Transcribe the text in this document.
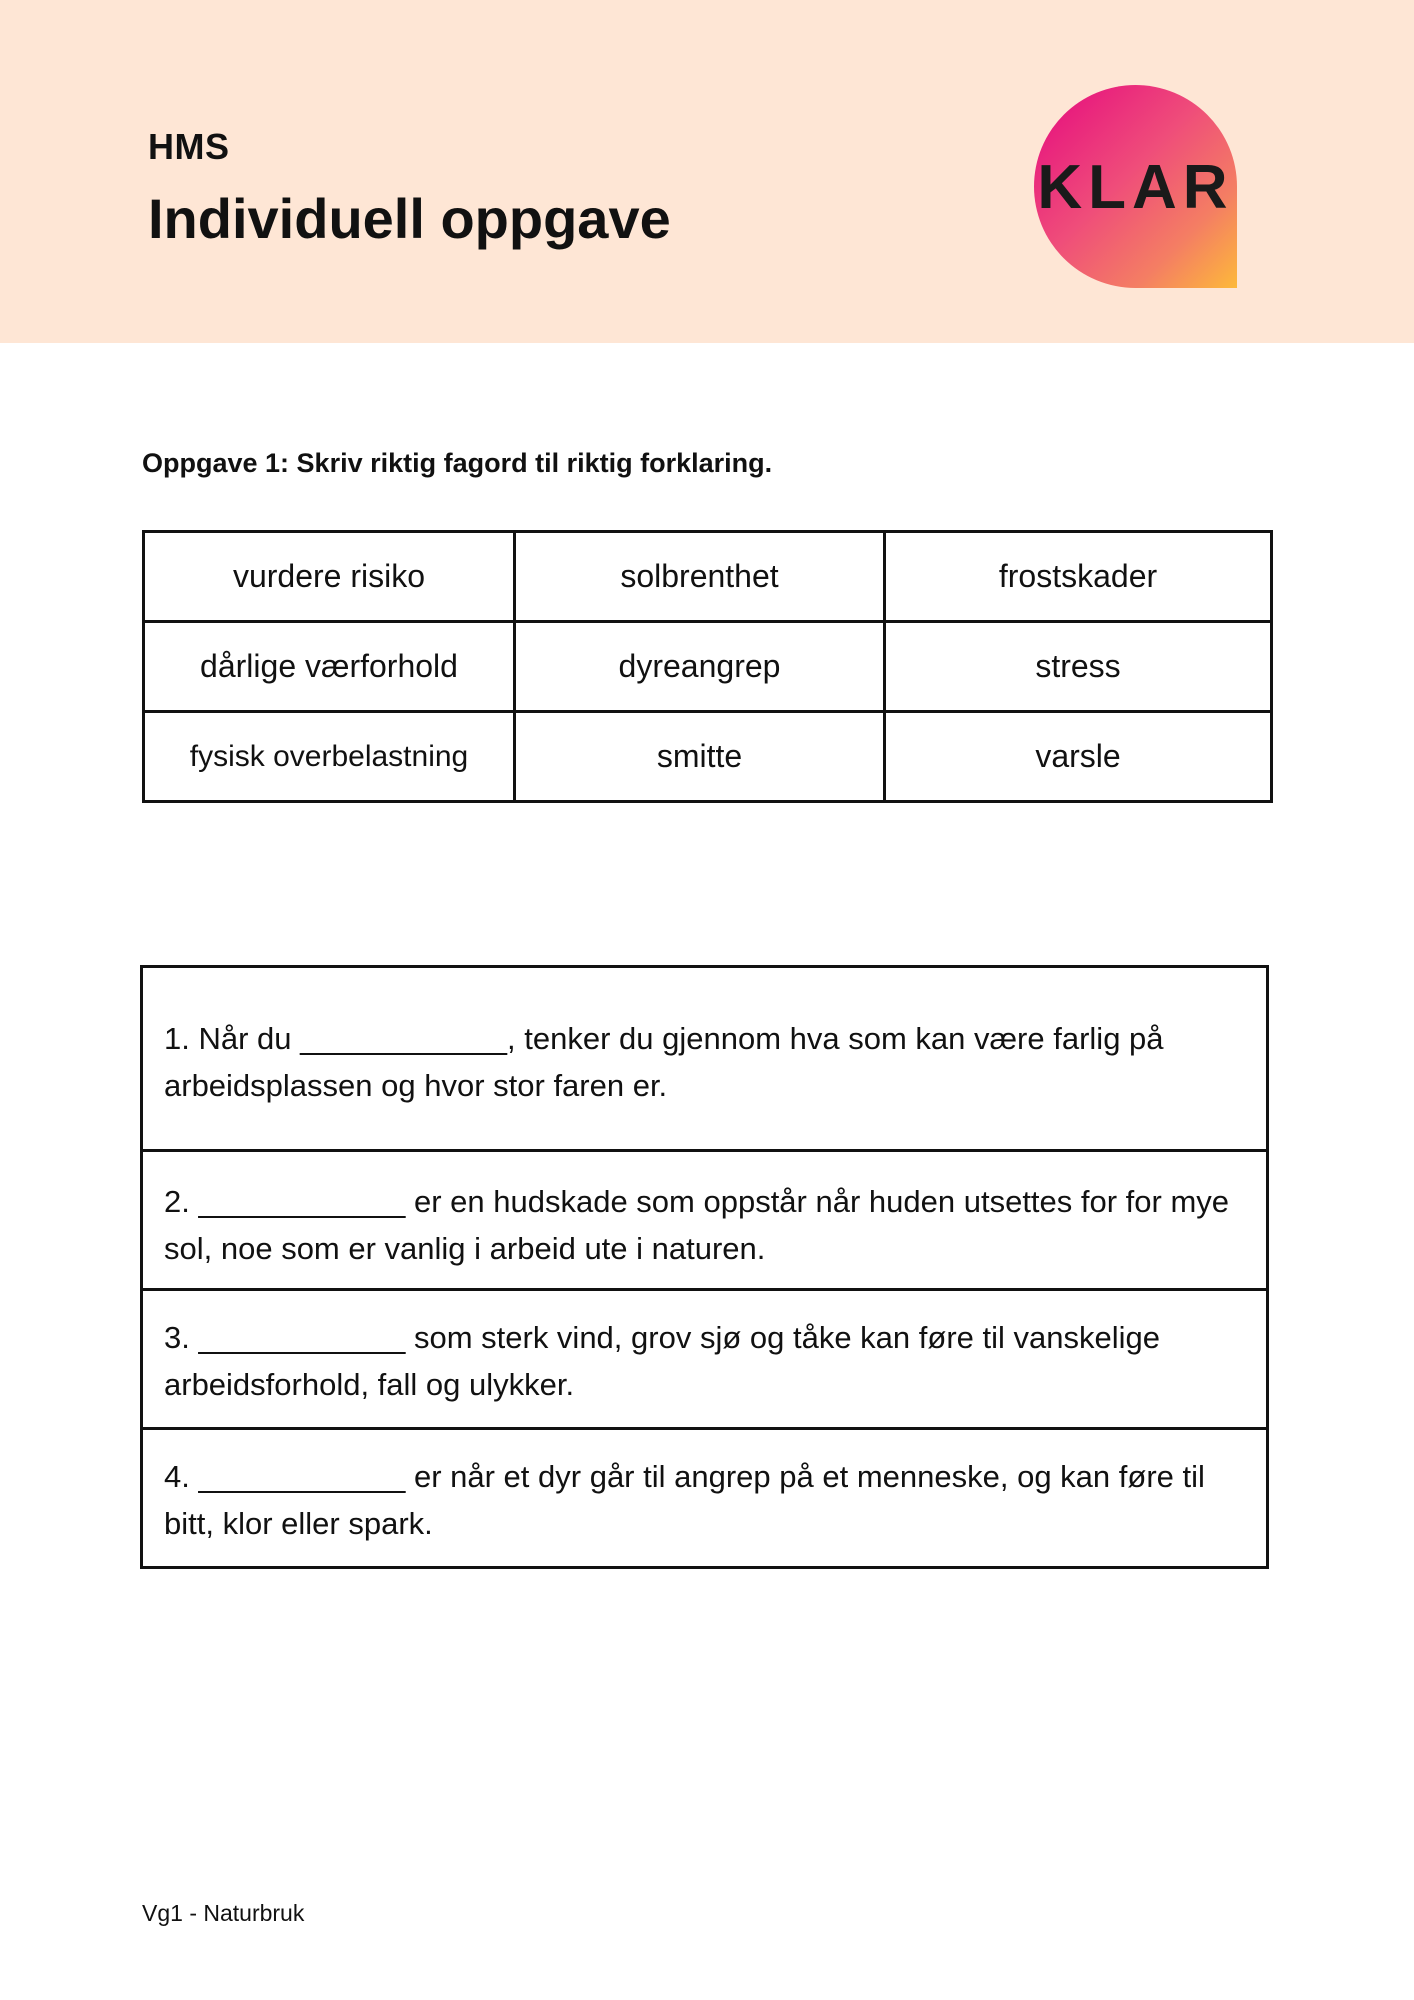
HMS
Individuell oppgave	KLAR
Oppgave 1: Skriv riktig fagord til riktig forklaring.
vurdere risiko	solbrenthet	frostskader
dårlige værforhold	dyreangrep	stress
fysisk overbelastning	smitte	varsle
1. Når du ____________, tenker du gjennom hva som kan være farlig på arbeidsplassen og hvor stor faren er.
2. ____________ er en hudskade som oppstår når huden utsettes for for mye sol, noe som er vanlig i arbeid ute i naturen.
3. ____________ som sterk vind, grov sjø og tåke kan føre til vanskelige arbeidsforhold, fall og ulykker.
4. ____________ er når et dyr går til angrep på et menneske, og kan føre til bitt, klor eller spark.
Vg1 - Naturbruk
